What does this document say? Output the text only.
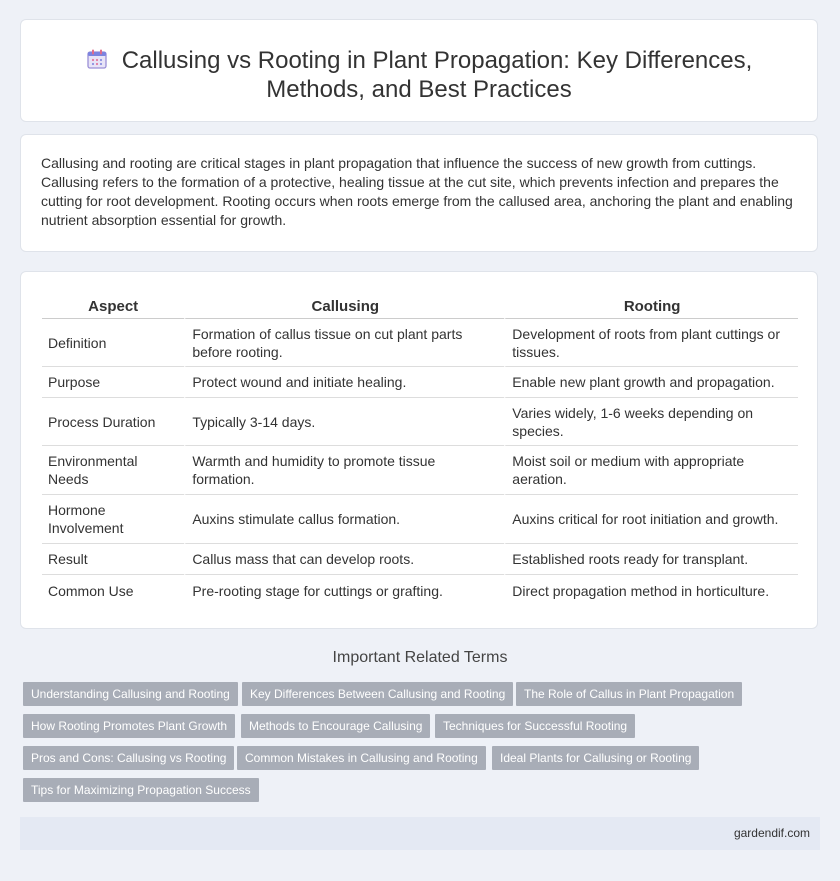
Callusing vs Rooting in Plant Propagation: Key Differences,
Methods, and Best Practices

Callusing and rooting are critical stages in plant propagation that influence the success of new growth from cuttings. Callusing refers to the formation of a protective, healing tissue at the cut site, which prevents infection and prepares the cutting for root development. Rooting occurs when roots emerge from the callused area, anchoring the plant and enabling nutrient absorption essential for growth.

Aspect	Callusing	Rooting
Definition	Formation of callus tissue on cut plant parts before rooting.	Development of roots from plant cuttings or tissues.
Purpose	Protect wound and initiate healing.	Enable new plant growth and propagation.
Process Duration	Typically 3-14 days.	Varies widely, 1-6 weeks depending on species.
Environmental Needs	Warmth and humidity to promote tissue formation.	Moist soil or medium with appropriate aeration.
Hormone Involvement	Auxins stimulate callus formation.	Auxins critical for root initiation and growth.
Result	Callus mass that can develop roots.	Established roots ready for transplant.
Common Use	Pre-rooting stage for cuttings or grafting.	Direct propagation method in horticulture.
Important Related Terms
Understanding Callusing and Rooting	Key Differences Between Callusing and Rooting	The Role of Callus in Plant Propagation
How Rooting Promotes Plant Growth	Methods to Encourage Callusing	Techniques for Successful Rooting
Pros and Cons: Callusing vs Rooting	Common Mistakes in Callusing and Rooting	Ideal Plants for Callusing or Rooting
Tips for Maximizing Propagation Success
gardendif.com
